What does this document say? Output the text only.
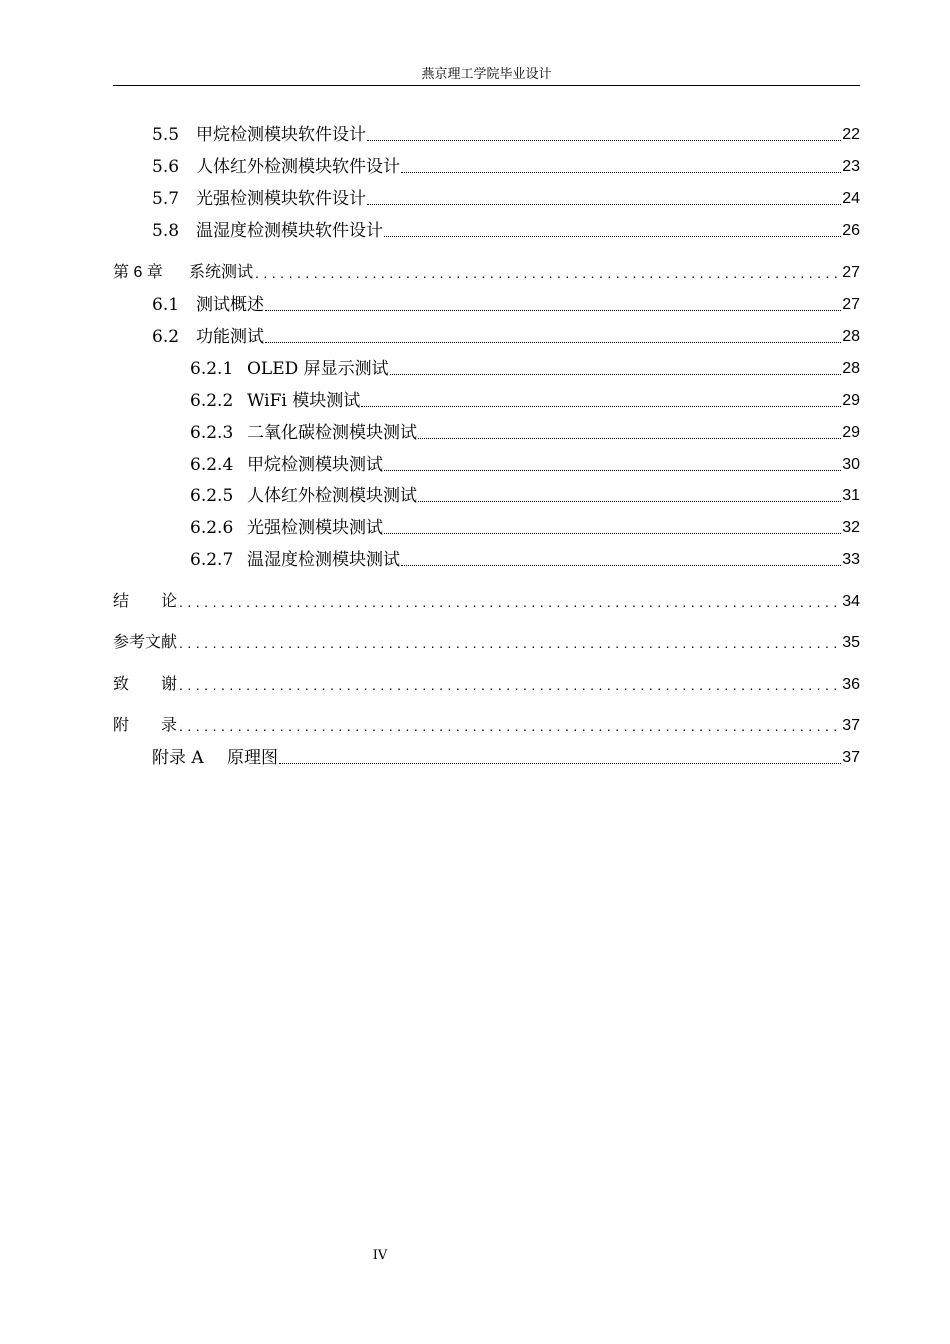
燕京理工学院毕业设计
5.5 甲烷检测模块软件设计	22
5.6 人体红外检测模块软件设计	23
5.7 光强检测模块软件设计	24
5.8 温湿度检测模块软件设计	26
第 6 章	系统测试 .....	27
6.1 测试概述	27
6.2 功能测试	28
6.2.1 OLED 屏显示测试	28
6.2.2 WiFi 模块测试	29
6.2.3 二氧化碳检测模块测试	29
6.2.4 甲烷检测模块测试	30
6.2.5 人体红外检测模块测试	31
6.2.6 光强检测模块测试	32
6.2.7 温湿度检测模块测试	33
结　　论 .....	34
参考文献 .....	35
致　　谢 .....	36
附　　录 .....	37
附录 A	原理图	37
IV
